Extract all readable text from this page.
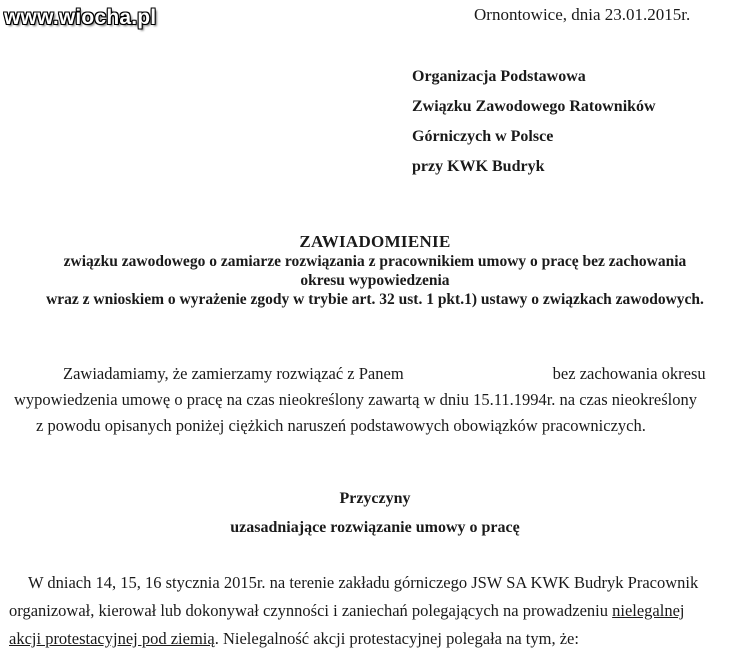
www.wiocha.pl	Ornontowice, dnia 23.01.2015r.
Organizacja Podstawowa
Związku Zawodowego Ratowników
Górniczych w Polsce
przy KWK Budryk
ZAWIADOMIENIE
związku zawodowego o zamiarze rozwiązania z pracownikiem umowy o pracę bez zachowania
okresu wypowiedzenia
wraz z wnioskiem o wyrażenie zgody w trybie art. 32 ust. 1 pkt.1) ustawy o związkach zawodowych.
Zawiadamiamy, że zamierzamy rozwiązać z Panem	bez zachowania okresu
wypowiedzenia umowę o pracę na czas nieokreślony zawartą w dniu 15.11.1994r. na czas nieokreślony
z powodu opisanych poniżej ciężkich naruszeń podstawowych obowiązków pracowniczych.
Przyczyny
uzasadniające rozwiązanie umowy o pracę
W dniach 14, 15, 16 stycznia 2015r. na terenie zakładu górniczego JSW SA KWK Budryk Pracownik
organizował, kierował lub dokonywał czynności i zaniechań polegających na prowadzeniu nielegalnej
akcji protestacyjnej pod ziemią. Nielegalność akcji protestacyjnej polegała na tym, że:
